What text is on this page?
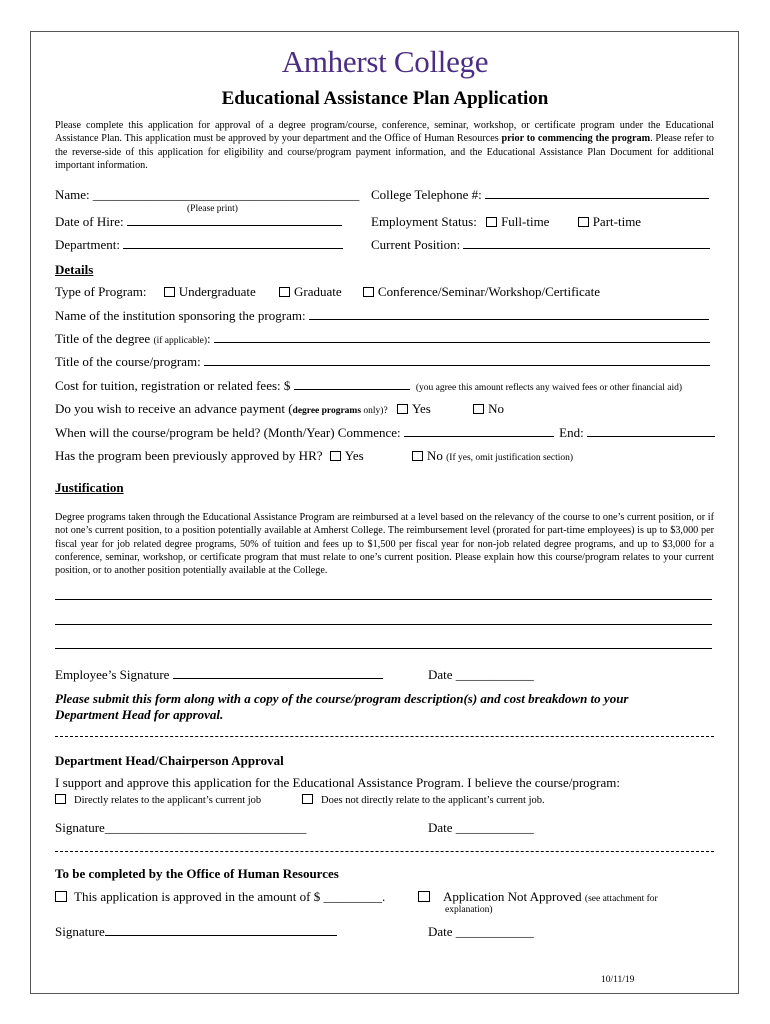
Amherst College
Educational Assistance Plan Application
Please complete this application for approval of a degree program/course, conference, seminar, workshop, or certificate program under the Educational Assistance Plan. This application must be approved by your department and the Office of Human Resources prior to commencing the program. Please refer to the reverse-side of this application for eligibility and course/program payment information, and the Educational Assistance Plan Document for additional important information.
Name: _________________________________________
(Please print)
College Telephone #:
Date of Hire:	Employment Status: Full-time	Part-time
Department:	Current Position:
Details
Type of Program: Undergraduate	Graduate	Conference/Seminar/Workshop/Certificate
Name of the institution sponsoring the program:
Title of the degree (if applicable):
Title of the course/program:
Cost for tuition, registration or related fees: $	(you agree this amount reflects any waived fees or other financial aid)
Do you wish to receive an advance payment (degree programs only)? Yes	No
When will the course/program be held? (Month/Year) Commence:	End:
Has the program been previously approved by HR? Yes	No (If yes, omit justification section)
Justification
Degree programs taken through the Educational Assistance Program are reimbursed at a level based on the relevancy of the course to one’s current position, or if not one’s current position, to a position potentially available at Amherst College. The reimbursement level (prorated for part-time employees) is up to $3,000 per fiscal year for job related degree programs, 50% of tuition and fees up to $1,500 per fiscal year for non-job related degree programs, and up to $3,000 for a conference, seminar, workshop, or certificate program that must relate to one’s current position. Please explain how this course/program relates to your current position, or to another position potentially available at the College.
Employee’s Signature	Date ____________
Please submit this form along with a copy of the course/program description(s) and cost breakdown to your Department Head for approval.
Department Head/Chairperson Approval
I support and approve this application for the Educational Assistance Program. I believe the course/program:
Directly relates to the applicant’s current job	Does not directly relate to the applicant’s current job.
Signature_______________________________	Date ____________
To be completed by the Office of Human Resources
This application is approved in the amount of $ _________.	Application Not Approved (see attachment for
explanation)
Signature	Date ____________
10/11/19
